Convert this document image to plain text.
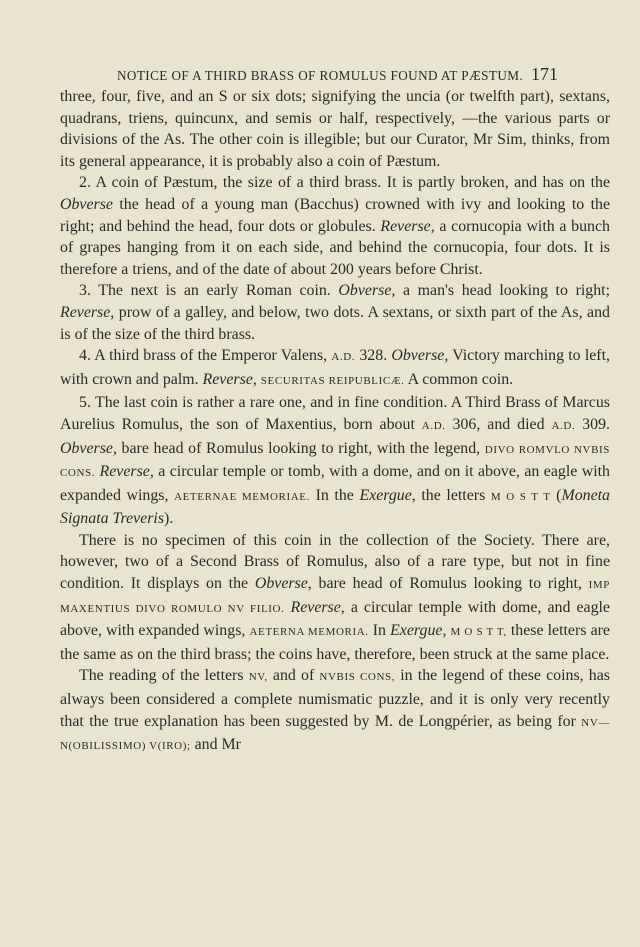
NOTICE OF A THIRD BRASS OF ROMULUS FOUND AT PÆSTUM. 171

three, four, five, and an S or six dots; signifying the uncia (or twelfth part), sextans, quadrans, triens, quincunx, and semis or half, respectively, —the various parts or divisions of the As. The other coin is illegible; but our Curator, Mr Sim, thinks, from its general appearance, it is probably also a coin of Pæstum.

2. A coin of Pæstum, the size of a third brass. It is partly broken, and has on the Obverse the head of a young man (Bacchus) crowned with ivy and looking to the right; and behind the head, four dots or globules. Reverse, a cornucopia with a bunch of grapes hanging from it on each side, and behind the cornucopia, four dots. It is therefore a triens, and of the date of about 200 years before Christ.

3. The next is an early Roman coin. Obverse, a man's head looking to right; Reverse, prow of a galley, and below, two dots. A sextans, or sixth part of the As, and is of the size of the third brass.

4. A third brass of the Emperor Valens, A.D. 328. Obverse, Victory marching to left, with crown and palm. Reverse, SECURITAS REIPUBLICÆ. A common coin.

5. The last coin is rather a rare one, and in fine condition. A Third Brass of Marcus Aurelius Romulus, the son of Maxentius, born about A.D. 306, and died A.D. 309. Obverse, bare head of Romulus looking to right, with the legend, DIVO ROMVLO NVBIS CONS. Reverse, a circular temple or tomb, with a dome, and on it above, an eagle with expanded wings, AETERNAE MEMORIAE. In the Exergue, the letters M O S T T (Moneta Signata Treveris).

There is no specimen of this coin in the collection of the Society. There are, however, two of a Second Brass of Romulus, also of a rare type, but not in fine condition. It displays on the Obverse, bare head of Romulus looking to right, IMP MAXENTIUS DIVO ROMULO NV FILIO. Reverse, a circular temple with dome, and eagle above, with expanded wings, AETERNA MEMORIA. In Exergue, M O S T T, these letters are the same as on the third brass; the coins have, therefore, been struck at the same place.

The reading of the letters NV, and of NVBIS CONS, in the legend of these coins, has always been considered a complete numismatic puzzle, and it is only very recently that the true explanation has been suggested by M. de Longpérier, as being for NV—N(OBILISSIMO) V(IRO); and Mr
